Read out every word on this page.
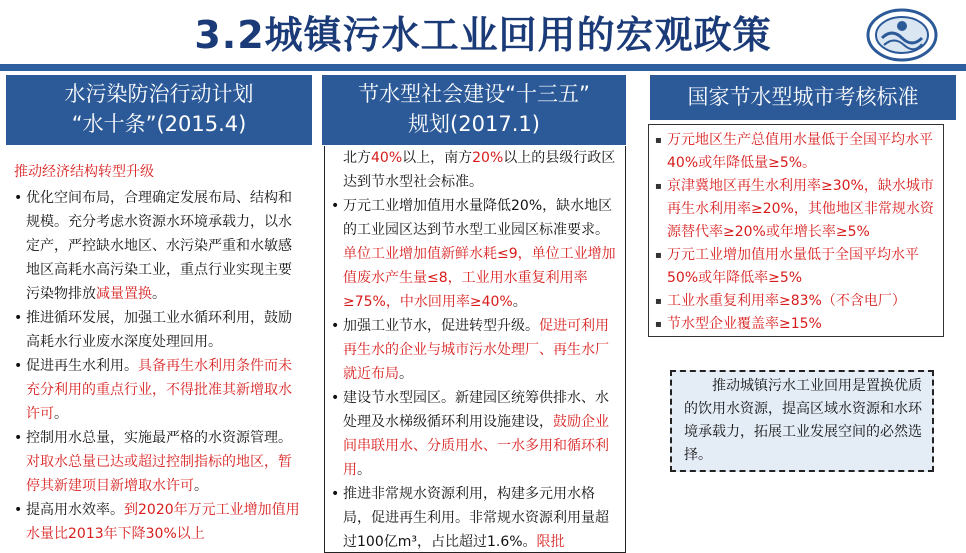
3.2城镇污水工业回用的宏观政策
水污染防治行动计划
“水十条”(2015.4)
节水型社会建设“十三五”
规划(2017.1)
国家节水型城市考核标准
推动经济结构转型升级
• 优化空间布局，合理确定发展布局、结构和规模。充分考虑水资源水环境承载力，以水定产，严控缺水地区、水污染严重和水敏感地区高耗水高污染工业，重点行业实现主要污染物排放减量置换。
• 推进循环发展，加强工业水循环利用，鼓励高耗水行业废水深度处理回用。
• 促进再生水利用。具备再生水利用条件而未充分利用的重点行业，不得批准其新增取水许可。
• 控制用水总量，实施最严格的水资源管理。对取水总量已达或超过控制指标的地区，暂停其新建项目新增取水许可。
• 提高用水效率。到2020年万元工业增加值用水量比2013年下降30%以上
北方40%以上，南方20%以上的县级行政区达到节水型社会标准。
• 万元工业增加值用水量降低20%，缺水地区的工业园区达到节水型工业园区标准要求。单位工业增加值新鲜水耗≤9，单位工业增加值废水产生量≤8，工业用水重复利用率≥75%，中水回用率≥40%。
• 加强工业节水，促进转型升级。促进可利用再生水的企业与城市污水处理厂、再生水厂就近布局。
• 建设节水型园区。新建园区统筹供排水、水处理及水梯级循环利用设施建设，鼓励企业间串联用水、分质用水、一水多用和循环利用。
• 推进非常规水资源利用，构建多元用水格局，促进再生利用。非常规水资源利用量超过100亿m³，占比超过1.6%。限批
▪ 万元地区生产总值用水量低于全国平均水平40%或年降低量≥5%。
▪ 京津冀地区再生水利用率≥30%，缺水城市再生水利用率≥20%，其他地区非常规水资源替代率≥20%或年增长率≥5%
▪ 万元工业增加值用水量低于全国平均水平50%或年降低率≥5%
▪ 工业水重复利用率≥83%（不含电厂）
▪ 节水型企业覆盖率≥15%
推动城镇污水工业回用是置换优质的饮用水资源，提高区域水资源和水环境承载力，拓展工业发展空间的必然选择。
